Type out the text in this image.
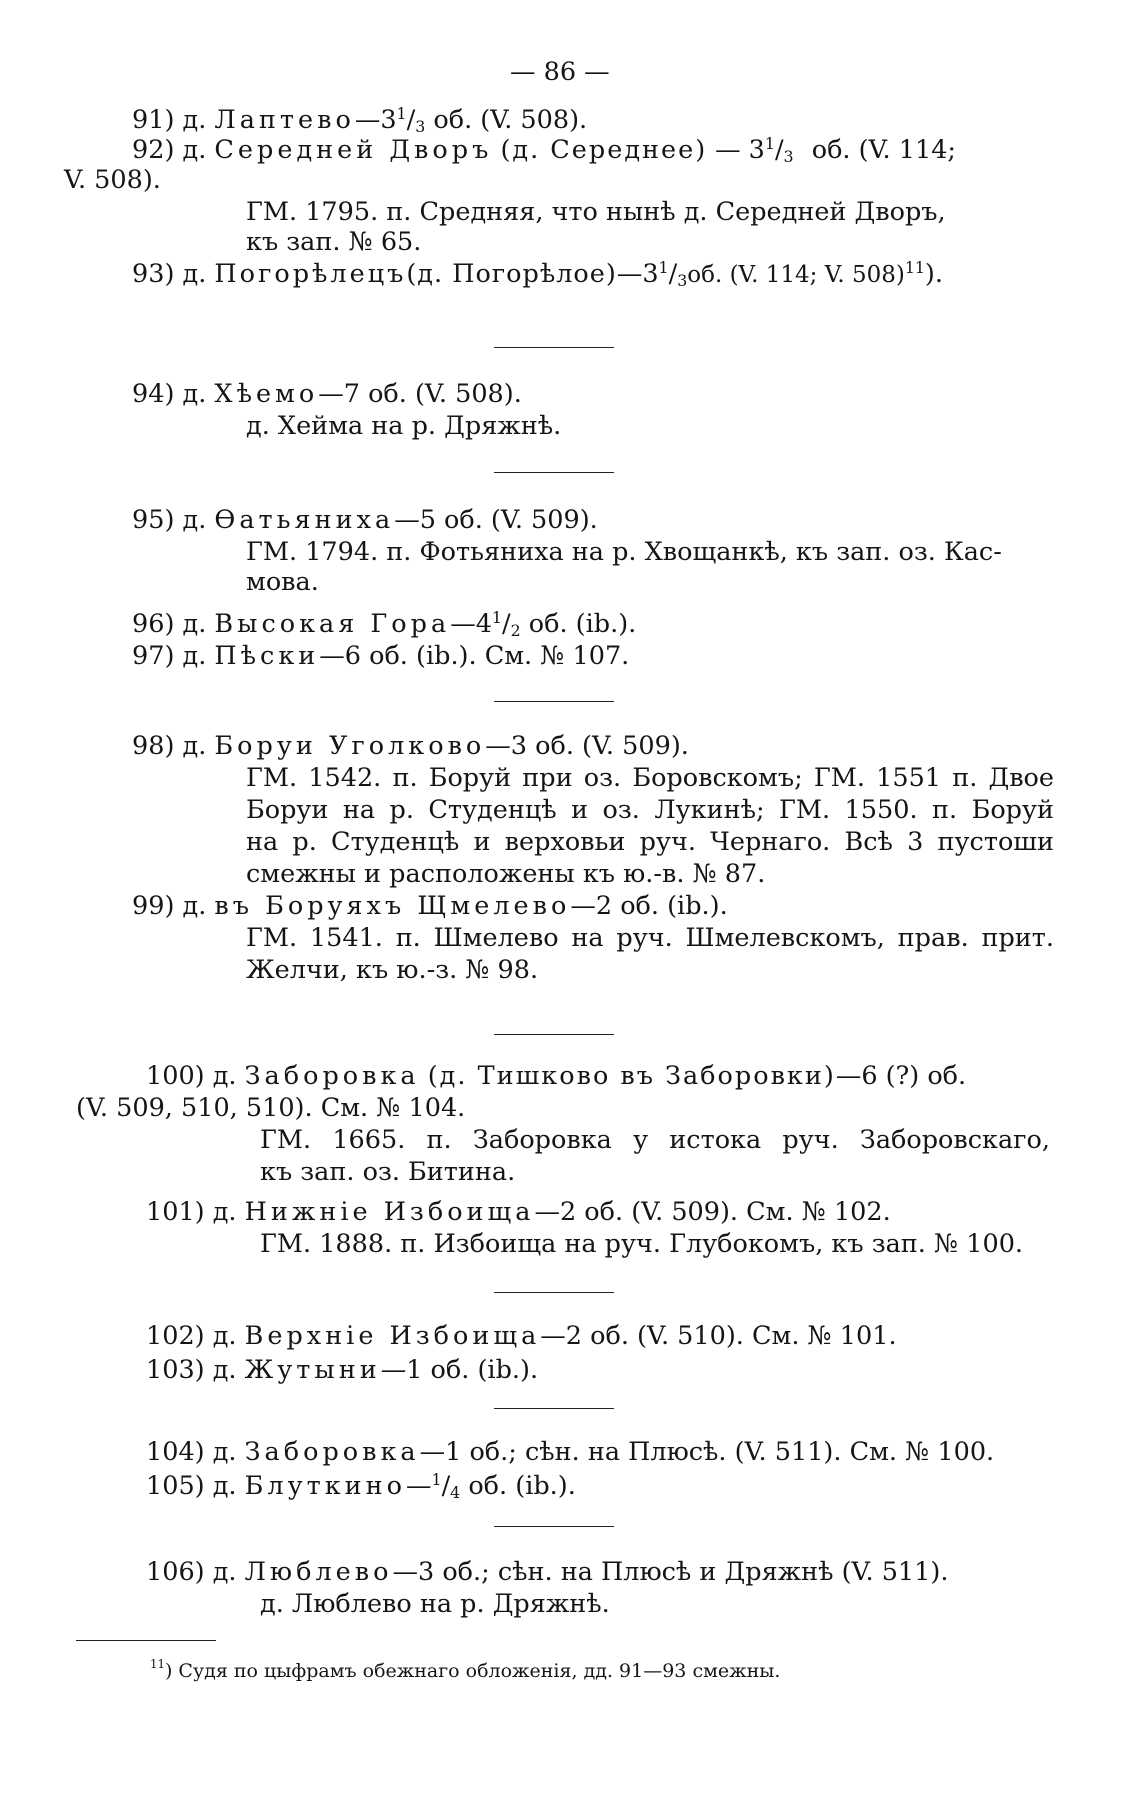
— 86 —
91) д. $Лаптево—3^1/_3$ об. (V. 508).
92) д. Середней Дворъ (д. Середнее) — $3^1/_3$ об. (V. 114;
V. 508).
ГМ. 1795. п. Средняя, что нынѣ д. Середней Дворъ,
къ зап. № 65.
93) д. Погорѣлецъ(д. $Погорѣлое)—3^1/_3об$. (V. 114; V. 508)$^{11}$).
94) д. Хѣемо—7 об. (V. 508).
д. Хейма на р. Дряжнѣ.
95) д. Ѳатьяниха—5 об. (V. 509).
ГМ. 1794. п. Фотьяниха на р. Хвощанкѣ, къ зап. оз. Кас-
мова.
96) д. Высокая $Гора—4^1/_2$ об. (ib.).
97) д. Пѣски—6 об. (ib.). См. № 107.
98) д. Боруи Уголково—3 об. (V. 509).
ГМ. 1542. п. Боруй при оз. Боровскомъ; ГМ. 1551 п. Двое
Боруи на р. Студенцѣ и оз. Лукинѣ; ГМ. 1550. п. Боруй
на р. Студенцѣ и верховьи руч. Чернаго. Всѣ 3 пустоши
смежны и расположены къ ю.-в. № 87.
99) д. въ Боруяхъ Щмелево—2 об. (ib.).
ГМ. 1541. п. Шмелево на руч. Шмелевскомъ, прав. прит.
Желчи, къ ю.-з. № 98.
100) д. Заборовка (д. Тишково въ Заборовки)—6 (?) об.
(V. 509, 510, 510). См. № 104.
ГМ. 1665. п. Заборовка у истока руч. Заборовскаго,
къ зап. оз. Битина.
101) д. Нижніе Избоища—2 об. (V. 509). См. № 102.
ГМ. 1888. п. Избоища на руч. Глубокомъ, къ зап. № 100.
102) д. Верхніе Избоища—2 об. (V. 510). См. № 101.
103) д. Жутыни—1 об. (ib.).
104) д. Заборовка—1 об.; сѣн. на Плюсѣ. (V. 511). См. № 100.
105) д. $Блуткино—^1/_4$ об. (ib.).
106) д. Люблево—3 об.; сѣн. на Плюсѣ и Дряжнѣ (V. 511).
д. Люблево на р. Дряжнѣ.
$^{11}$) Судя по цыфрамъ обежнаго обложенія, дд. 91—93 смежны.
